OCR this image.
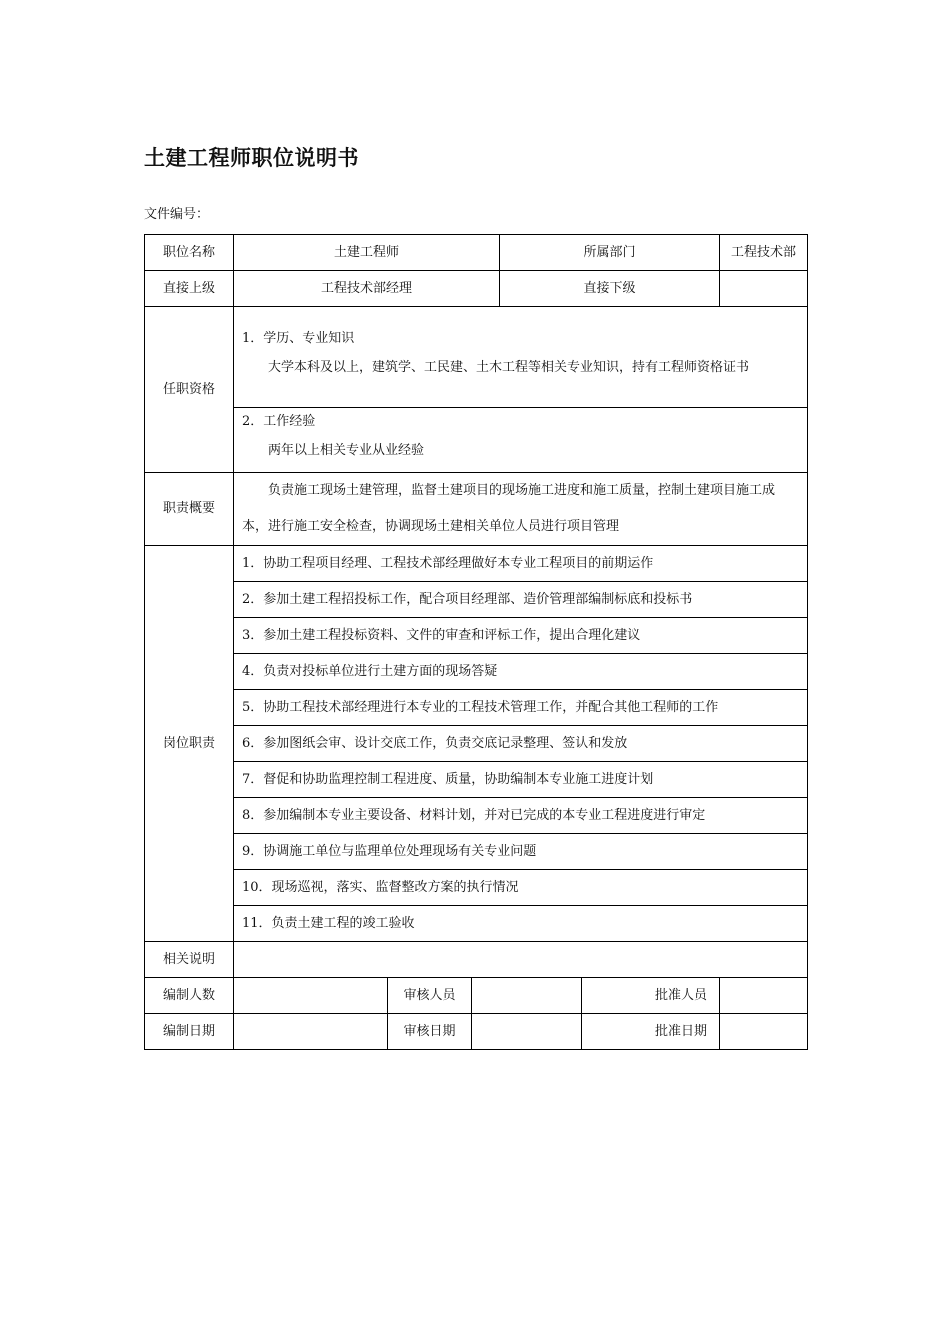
土建工程师职位说明书
文件编号：
职位名称	土建工程师			所属部门		工程技术部
直接上级	工程技术部经理			直接下级		
任职资格	1．学历、专业知识
大学本科及以上，建筑学、工民建、土木工程等相关专业知识，持有工程师资格证书					

	2．工作经验
两年以上相关专业从业经验					

职责概要	负责施工现场土建管理，监督土建项目的现场施工进度和施工质量，控制土建项目施工成本，进行施工安全检查，协调现场土建相关单位人员进行项目管理					

岗位职责	1．协助工程项目经理、工程技术部经理做好本专业工程项目的前期运作					
	2．参加土建工程招投标工作，配合项目经理部、造价管理部编制标底和投标书					
	3．参加土建工程投标资料、文件的审查和评标工作，提出合理化建议					
	4．负责对投标单位进行土建方面的现场答疑					
	5．协助工程技术部经理进行本专业的工程技术管理工作，并配合其他工程师的工作					
	6．参加图纸会审、设计交底工作，负责交底记录整理、签认和发放					
	7．督促和协助监理控制工程进度、质量，协助编制本专业施工进度计划					
	8．参加编制本专业主要设备、材料计划，并对已完成的本专业工程进度进行审定					
	9．协调施工单位与监理单位处理现场有关专业问题					
	10．现场巡视，落实、监督整改方案的执行情况					
	11．负责土建工程的竣工验收					
相关说明						
编制人数		审核人员			批准人员	
编制日期		审核日期			批准日期	
